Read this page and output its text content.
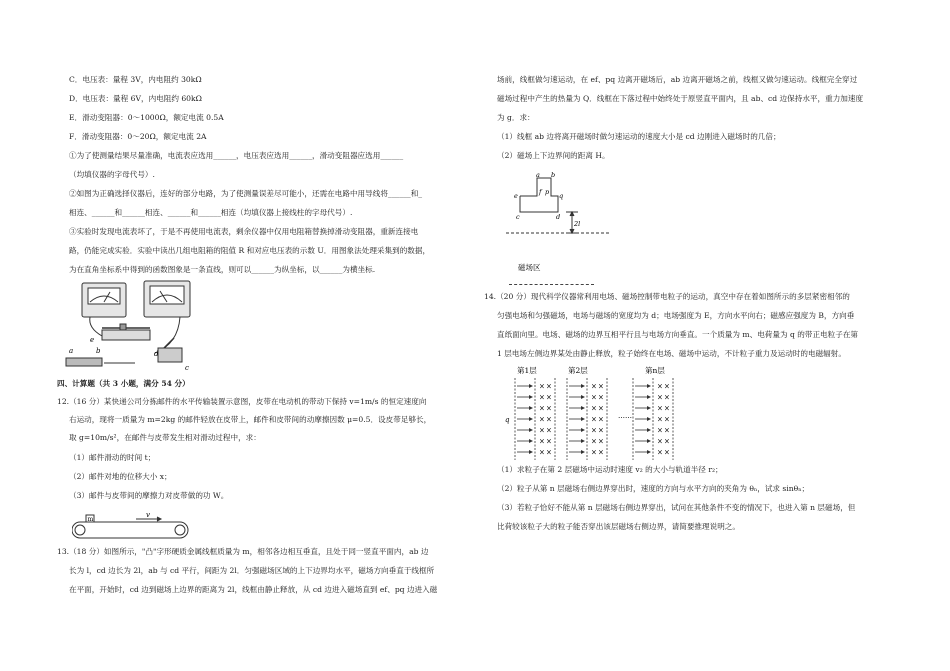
C．电压表：量程 3V，内电阻约 30kΩ
D．电压表：量程 6V，内电阻约 60kΩ
E．滑动变阻器：0～1000Ω，额定电流 0.5A
F．滑动变阻器：0～20Ω，额定电流 2A
①为了使测量结果尽量准确，电流表应选用______，电压表应选用______，滑动变阻器应选用______
（均填仪器的字母代号）.
②如图为正确选择仪器后，连好的部分电路，为了使测量误差尽可能小，还需在电路中用导线将______和_
相连、______和______相连、______和______相连（均填仪器上接线柱的字母代号）.
③实验时发现电流表坏了，于是不再使用电流表，剩余仪器中仅用电阻箱替换掉滑动变阻器，重新连接电
路，仍能完成实验．实验中读出几组电阻箱的阻值 R 和对应电压表的示数 U．用图象法处理采集到的数据，
为在直角坐标系中得到的函数图象是一条直线，则可以______为纵坐标，以______为横坐标.
四、计算题（共 3 小题，满分 54 分）
12.（16 分）某快递公司分拣邮件的水平传输装置示意图，皮带在电动机的带动下保持 v=1m/s 的恒定速度向
右运动，现将一质量为 m=2kg 的邮件轻放在皮带上，邮件和皮带间的动摩擦因数 μ=0.5．设皮带足够长，
取 g=10m/s²，在邮件与皮带发生相对滑动过程中，求：
（1）邮件滑动的时间 t；
（2）邮件对地的位移大小 x；
（3）邮件与皮带间的摩擦力对皮带做的功 W。
13.（18 分）如图所示，"凸"字形硬质金属线框质量为 m，相邻各边相互垂直，且处于同一竖直平面内，ab 边
长为 l，cd 边长为 2l，ab 与 cd 平行，间距为 2l．匀强磁场区域的上下边界均水平，磁场方向垂直于线框所
在平面，开始时，cd 边到磁场上边界的距离为 2l，线框由静止释放，从 cd 边进入磁场直到 ef、pq 边进入磁
场前，线框做匀速运动，在 ef、pq 边离开磁场后，ab 边离开磁场之前，线框又做匀速运动。线框完全穿过
磁场过程中产生的热量为 Q．线框在下落过程中始终处于原竖直平面内，且 ab、cd 边保持水平，重力加速度
为 g．求：
（1）线框 ab 边将离开磁场时做匀速运动的速度大小是 cd 边刚进入磁场时的几倍；
（2）磁场上下边界间的距离 H。
14.（20 分）现代科学仪器常利用电场、磁场控制带电粒子的运动，真空中存在着如图所示的多层紧密相邻的
匀强电场和匀强磁场，电场与磁场的宽度均为 d；电场强度为 E，方向水平向右；磁感应强度为 B，方向垂
直纸面向里。电场、磁场的边界互相平行且与电场方向垂直。一个质量为 m、电荷量为 q 的带正电粒子在第
1 层电场左侧边界某处由静止释放，粒子始终在电场、磁场中运动，不计粒子重力及运动时的电磁辐射。
（1）求粒子在第 2 层磁场中运动时速度 v₂ 的大小与轨道半径 r₂；
（2）粒子从第 n 层磁场右侧边界穿出时，速度的方向与水平方向的夹角为 θₙ，试求 sinθₙ；
（3）若粒子恰好不能从第 n 层磁场右侧边界穿出，试问在其他条件不变的情况下，也进入第 n 层磁场，但
比荷较该粒子大的粒子能否穿出该层磁场右侧边界，请简要推理说明之。
a	b
c
d
e
m
v
a b
e	f p q
c	d
2l
磁场区
第1层	第2层	第n层
……
q
× ×
× ×
× ×
× ×
× ×
× ×
× ×
× ×
× ×
× ×
× ×
× ×
× ×
× ×
× ×
× ×
× ×
× ×
× ×
× ×
× ×
